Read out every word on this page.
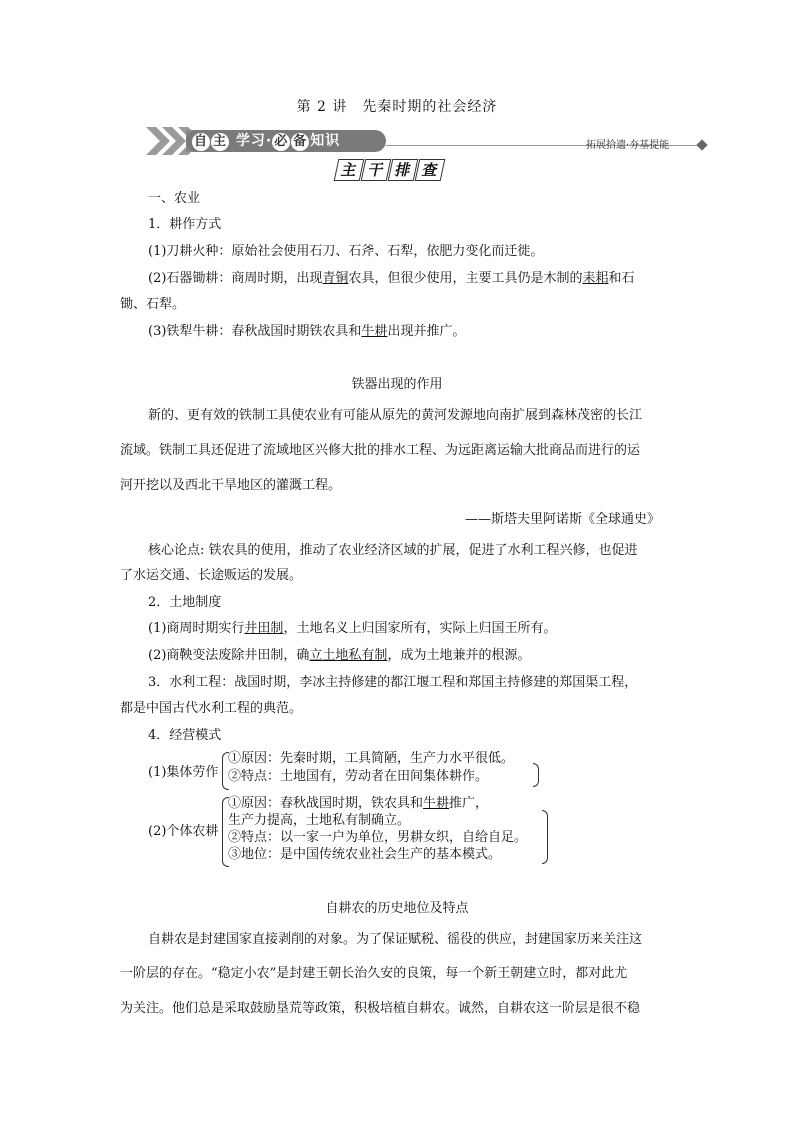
第 2 讲　先秦时期的社会经济
自 主 学习· 必 备 知识	拓展拾遗·夯基提能
主 干 排 查
一、农业
1．耕作方式
(1)刀耕火种：原始社会使用石刀、石斧、石犁，依肥力变化而迁徙。
(2)石器锄耕：商周时期，出现青铜农具，但很少使用，主要工具仍是木制的耒耜和石
锄、石犁。
(3)铁犁牛耕：春秋战国时期铁农具和牛耕出现并推广。
铁器出现的作用
新的、更有效的铁制工具使农业有可能从原先的黄河发源地向南扩展到森林茂密的长江
流域。铁制工具还促进了流域地区兴修大批的排水工程、为远距离运输大批商品而进行的运
河开挖以及西北干旱地区的灌溉工程。
——斯塔夫里阿诺斯《全球通史》
核心论点: 铁农具的使用，推动了农业经济区域的扩展，促进了水利工程兴修，也促进
了水运交通、长途贩运的发展。
2．土地制度
(1)商周时期实行井田制，土地名义上归国家所有，实际上归国王所有。
(2)商鞅变法废除井田制，确立土地私有制，成为土地兼并的根源。
3．水利工程：战国时期，李冰主持修建的都江堰工程和郑国主持修建的郑国渠工程，
都是中国古代水利工程的典范。
4．经营模式
(1)集体劳作
①原因：先秦时期，工具简陋，生产力水平很低。
②特点：土地国有，劳动者在田间集体耕作。
(2)个体农耕
①原因：春秋战国时期，铁农具和牛耕推广，
生产力提高，土地私有制确立。
②特点：以一家一户为单位，男耕女织，自给自足。
③地位：是中国传统农业社会生产的基本模式。
自耕农的历史地位及特点
自耕农是封建国家直接剥削的对象。为了保证赋税、徭役的供应，封建国家历来关注这
一阶层的存在。“稳定小农”是封建王朝长治久安的良策，每一个新王朝建立时，都对此尤
为关注。他们总是采取鼓励垦荒等政策，积极培植自耕农。诚然，自耕农这一阶层是很不稳
